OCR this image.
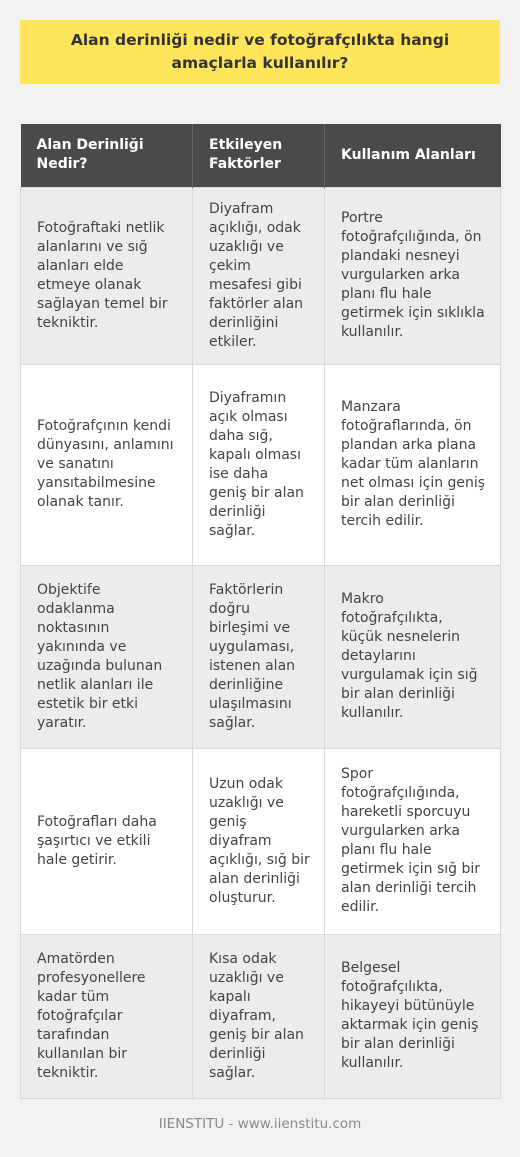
Alan derinliği nedir ve fotoğrafçılıkta hangi amaçlarla kullanılır?
Alan Derinliği Nedir?	Etkileyen Faktörler	Kullanım Alanları
Fotoğraftaki netlik alanlarını ve sığ alanları elde etmeye olanak sağlayan temel bir tekniktir.	Diyafram açıklığı, odak uzaklığı ve çekim mesafesi gibi faktörler alan derinliğini etkiler.	Portre fotoğrafçılığında, ön plandaki nesneyi vurgularken arka planı flu hale getirmek için sıklıkla kullanılır.
Fotoğrafçının kendi dünyasını, anlamını ve sanatını yansıtabilmesine olanak tanır.	Diyaframın açık olması daha sığ, kapalı olması ise daha geniş bir alan derinliği sağlar.	Manzara fotoğraflarında, ön plandan arka plana kadar tüm alanların net olması için geniş bir alan derinliği tercih edilir.
Objektife odaklanma noktasının yakınında ve uzağında bulunan netlik alanları ile estetik bir etki yaratır.	Faktörlerin doğru birleşimi ve uygulaması, istenen alan derinliğine ulaşılmasını sağlar.	Makro fotoğrafçılıkta, küçük nesnelerin detaylarını vurgulamak için sığ bir alan derinliği kullanılır.
Fotoğrafları daha şaşırtıcı ve etkili hale getirir.	Uzun odak uzaklığı ve geniş diyafram açıklığı, sığ bir alan derinliği oluşturur.	Spor fotoğrafçılığında, hareketli sporcuyu vurgularken arka planı flu hale getirmek için sığ bir alan derinliği tercih edilir.
Amatörden profesyonellere kadar tüm fotoğrafçılar tarafından kullanılan bir tekniktir.	Kısa odak uzaklığı ve kapalı diyafram, geniş bir alan derinliği sağlar.	Belgesel fotoğrafçılıkta, hikayeyi bütünüyle aktarmak için geniş bir alan derinliği kullanılır.
IIENSTITU - www.iienstitu.com
